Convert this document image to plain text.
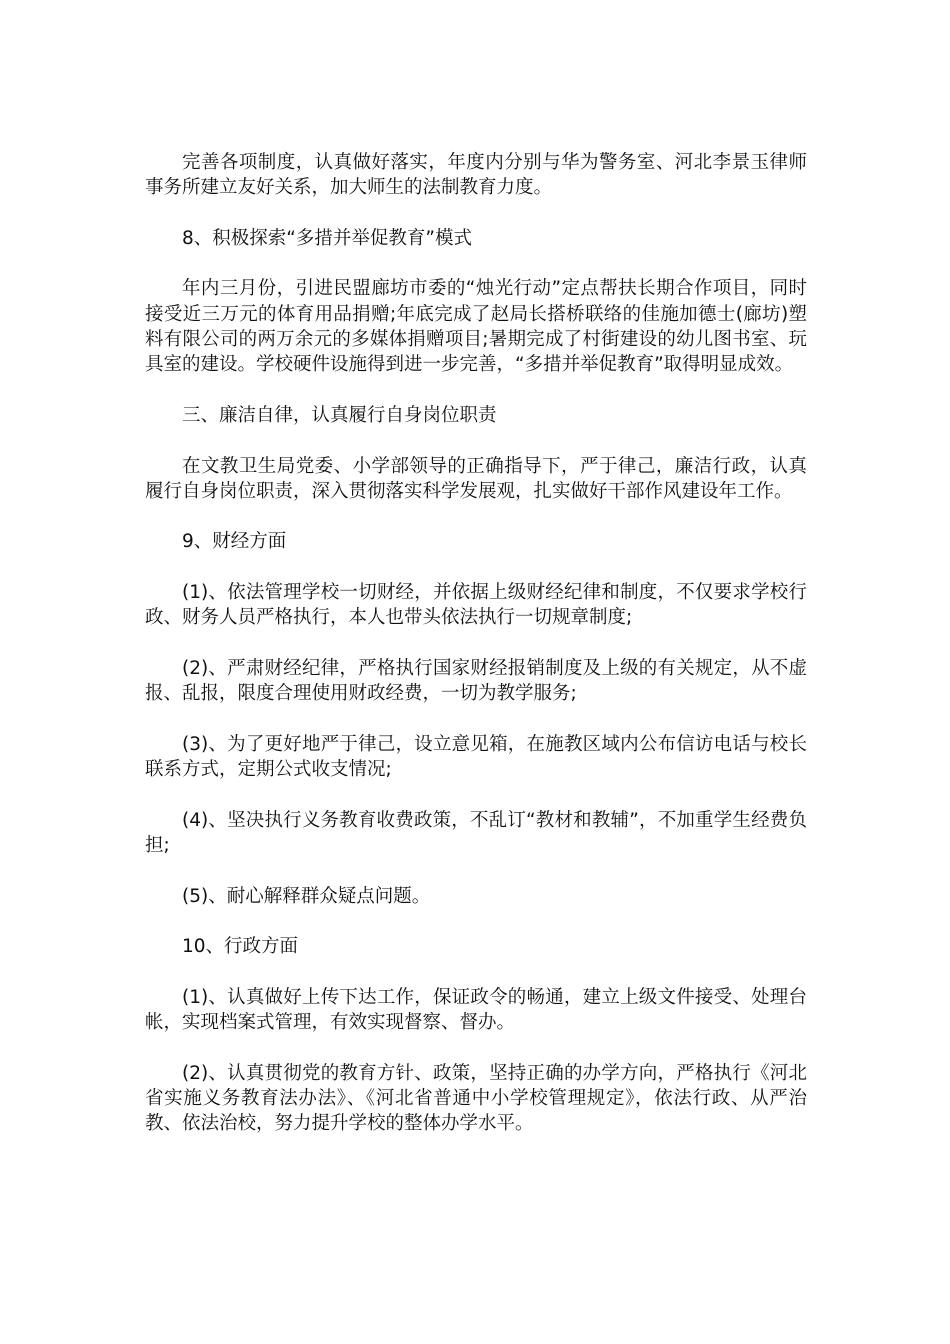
完善各项制度，认真做好落实，年度内分别与华为警务室、河北李景玉律师事务所建立友好关系，加大师生的法制教育力度。

8、积极探索“多措并举促教育”模式

年内三月份，引进民盟廊坊市委的“烛光行动”定点帮扶长期合作项目，同时接受近三万元的体育用品捐赠;年底完成了赵局长搭桥联络的佳施加德士(廊坊)塑料有限公司的两万余元的多媒体捐赠项目;暑期完成了村街建设的幼儿图书室、玩具室的建设。学校硬件设施得到进一步完善，“多措并举促教育”取得明显成效。

三、廉洁自律，认真履行自身岗位职责

在文教卫生局党委、小学部领导的正确指导下，严于律己，廉洁行政，认真履行自身岗位职责，深入贯彻落实科学发展观，扎实做好干部作风建设年工作。

9、财经方面

(1)、依法管理学校一切财经，并依据上级财经纪律和制度，不仅要求学校行政、财务人员严格执行，本人也带头依法执行一切规章制度;

(2)、严肃财经纪律，严格执行国家财经报销制度及上级的有关规定，从不虚报、乱报，限度合理使用财政经费，一切为教学服务;

(3)、为了更好地严于律己，设立意见箱，在施教区域内公布信访电话与校长联系方式，定期公式收支情况;

(4)、坚决执行义务教育收费政策，不乱订“教材和教辅”，不加重学生经费负担;

(5)、耐心解释群众疑点问题。

10、行政方面

(1)、认真做好上传下达工作，保证政令的畅通，建立上级文件接受、处理台帐，实现档案式管理，有效实现督察、督办。

(2)、认真贯彻党的教育方针、政策，坚持正确的办学方向，严格执行《河北省实施义务教育法办法》、《河北省普通中小学校管理规定》，依法行政、从严治教、依法治校，努力提升学校的整体办学水平。
